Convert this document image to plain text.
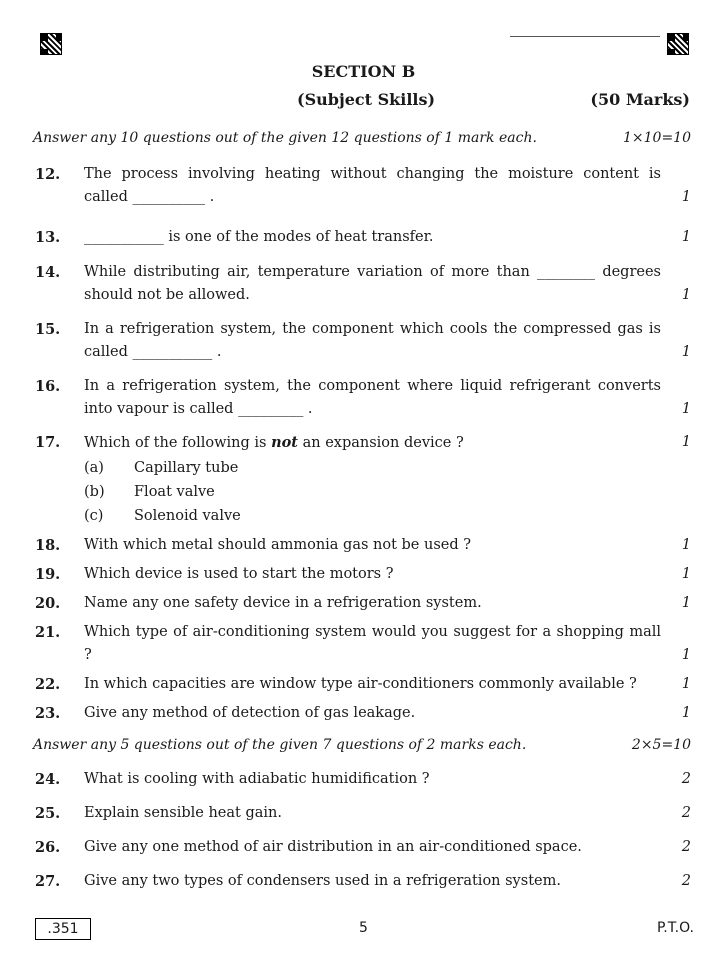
SECTION B
(Subject Skills)	(50 Marks)
Answer any 10 questions out of the given 12 questions of 1 mark each.	1×10=10
12. The process involving heating without changing the moisture content is called __________ .	1
13. ___________ is one of the modes of heat transfer.	1
14. While distributing air, temperature variation of more than ________ degrees should not be allowed.	1
15. In a refrigeration system, the component which cools the compressed gas is called ___________ .	1
16. In a refrigeration system, the component where liquid refrigerant converts into vapour is called _________ .	1
17. Which of the following is not an expansion device ?	1
(a) Capillary tube
(b) Float valve
(c) Solenoid valve
18. With which metal should ammonia gas not be used ?	1
19. Which device is used to start the motors ?	1
20. Name any one safety device in a refrigeration system.	1
21. Which type of air-conditioning system would you suggest for a shopping mall ?	1
22. In which capacities are window type air-conditioners commonly available ?	1
23. Give any method of detection of gas leakage.	1
Answer any 5 questions out of the given 7 questions of 2 marks each.	2×5=10
24. What is cooling with adiabatic humidification ?	2
25. Explain sensible heat gain.	2
26. Give any one method of air distribution in an air-conditioned space.	2
27. Give any two types of condensers used in a refrigeration system.	2
.351	5	P.T.O.
